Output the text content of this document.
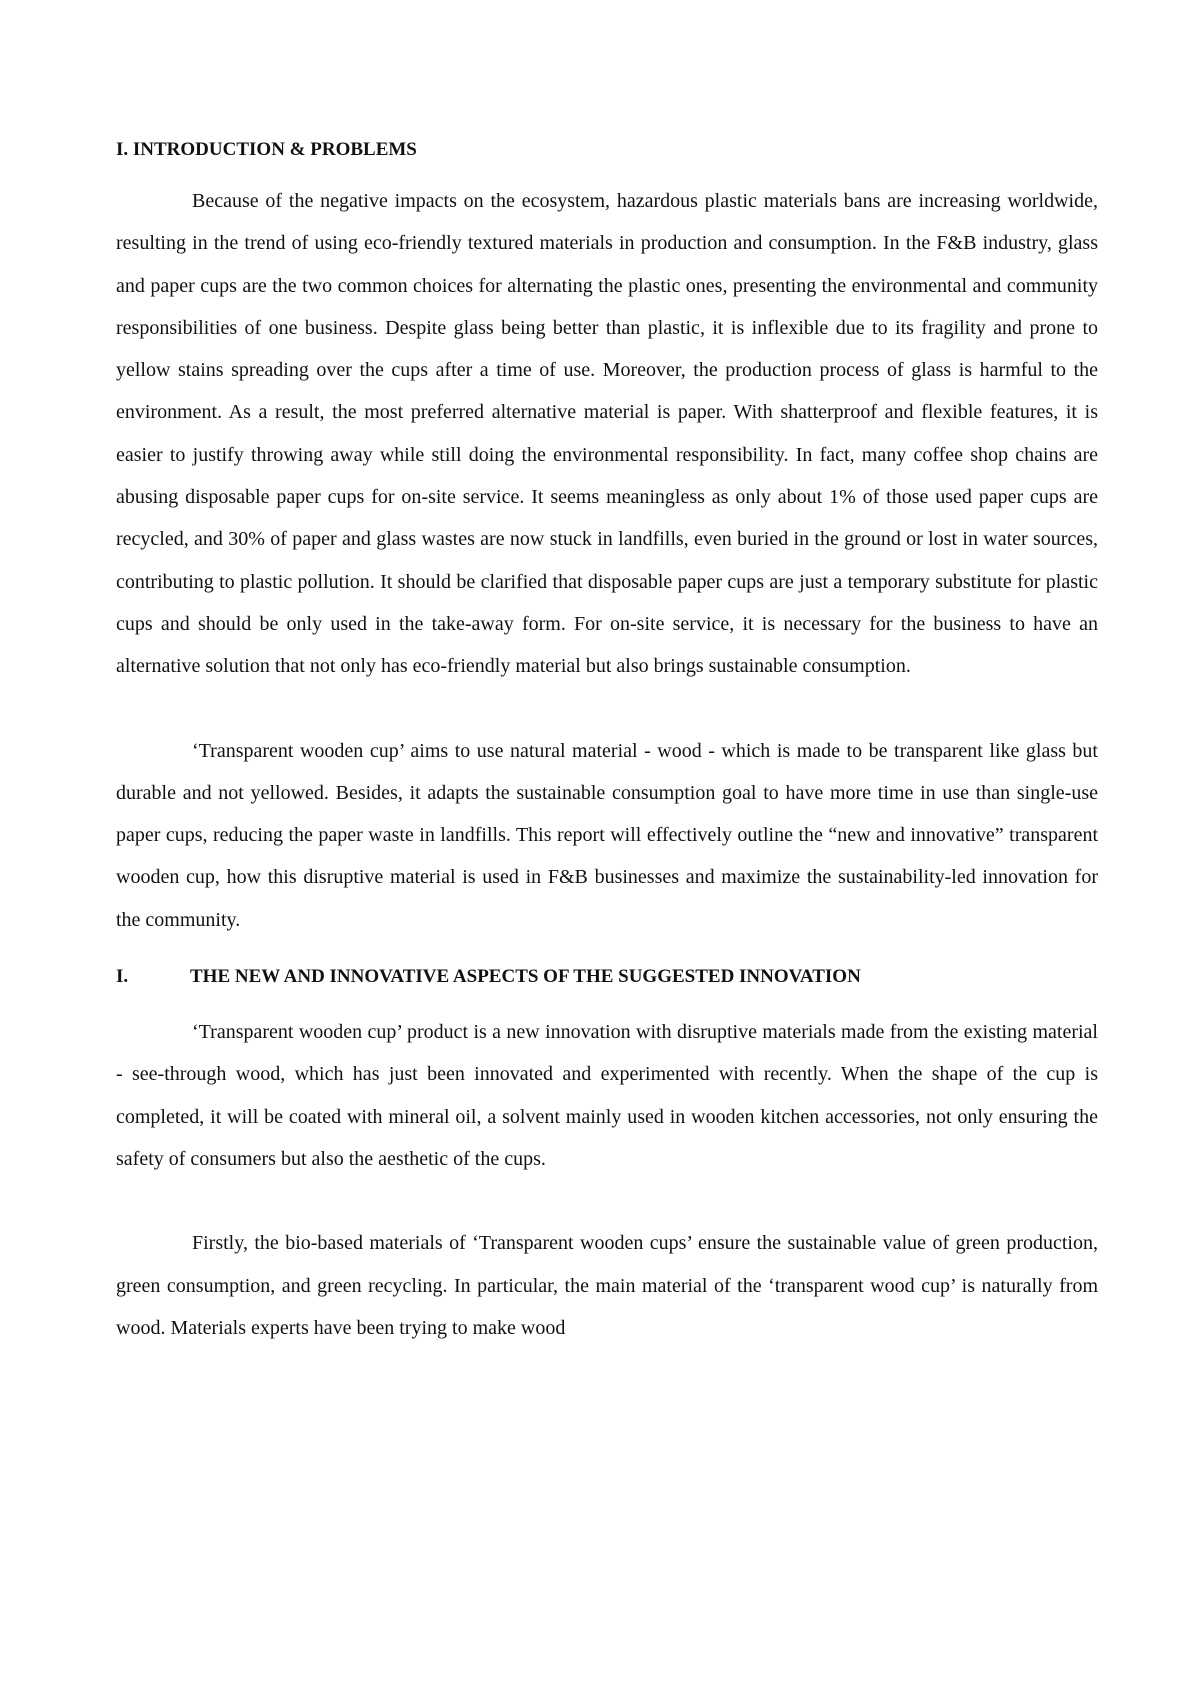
I. INTRODUCTION & PROBLEMS

Because of the negative impacts on the ecosystem, hazardous plastic materials bans are increasing worldwide, resulting in the trend of using eco-friendly textured materials in production and consumption. In the F&B industry, glass and paper cups are the two common choices for alternating the plastic ones, presenting the environmental and community responsibilities of one business. Despite glass being better than plastic, it is inflexible due to its fragility and prone to yellow stains spreading over the cups after a time of use. Moreover, the production process of glass is harmful to the environment. As a result, the most preferred alternative material is paper. With shatterproof and flexible features, it is easier to justify throwing away while still doing the environmental responsibility. In fact, many coffee shop chains are abusing disposable paper cups for on-site service. It seems meaningless as only about 1% of those used paper cups are recycled, and 30% of paper and glass wastes are now stuck in landfills, even buried in the ground or lost in water sources, contributing to plastic pollution. It should be clarified that disposable paper cups are just a temporary substitute for plastic cups and should be only used in the take-away form. For on-site service, it is necessary for the business to have an alternative solution that not only has eco-friendly material but also brings sustainable consumption.

‘Transparent wooden cup’ aims to use natural material - wood - which is made to be transparent like glass but durable and not yellowed. Besides, it adapts the sustainable consumption goal to have more time in use than single-use paper cups, reducing the paper waste in landfills. This report will effectively outline the “new and innovative” transparent wooden cup, how this disruptive material is used in F&B businesses and maximize the sustainability-led innovation for the community.

I.	THE NEW AND INNOVATIVE ASPECTS OF THE SUGGESTED INNOVATION

‘Transparent wooden cup’ product is a new innovation with disruptive materials made from the existing material - see-through wood, which has just been innovated and experimented with recently. When the shape of the cup is completed, it will be coated with mineral oil, a solvent mainly used in wooden kitchen accessories, not only ensuring the safety of consumers but also the aesthetic of the cups.

Firstly, the bio-based materials of ‘Transparent wooden cups’ ensure the sustainable value of green production, green consumption, and green recycling. In particular, the main material of the ‘transparent wood cup’ is naturally from wood. Materials experts have been trying to make wood
